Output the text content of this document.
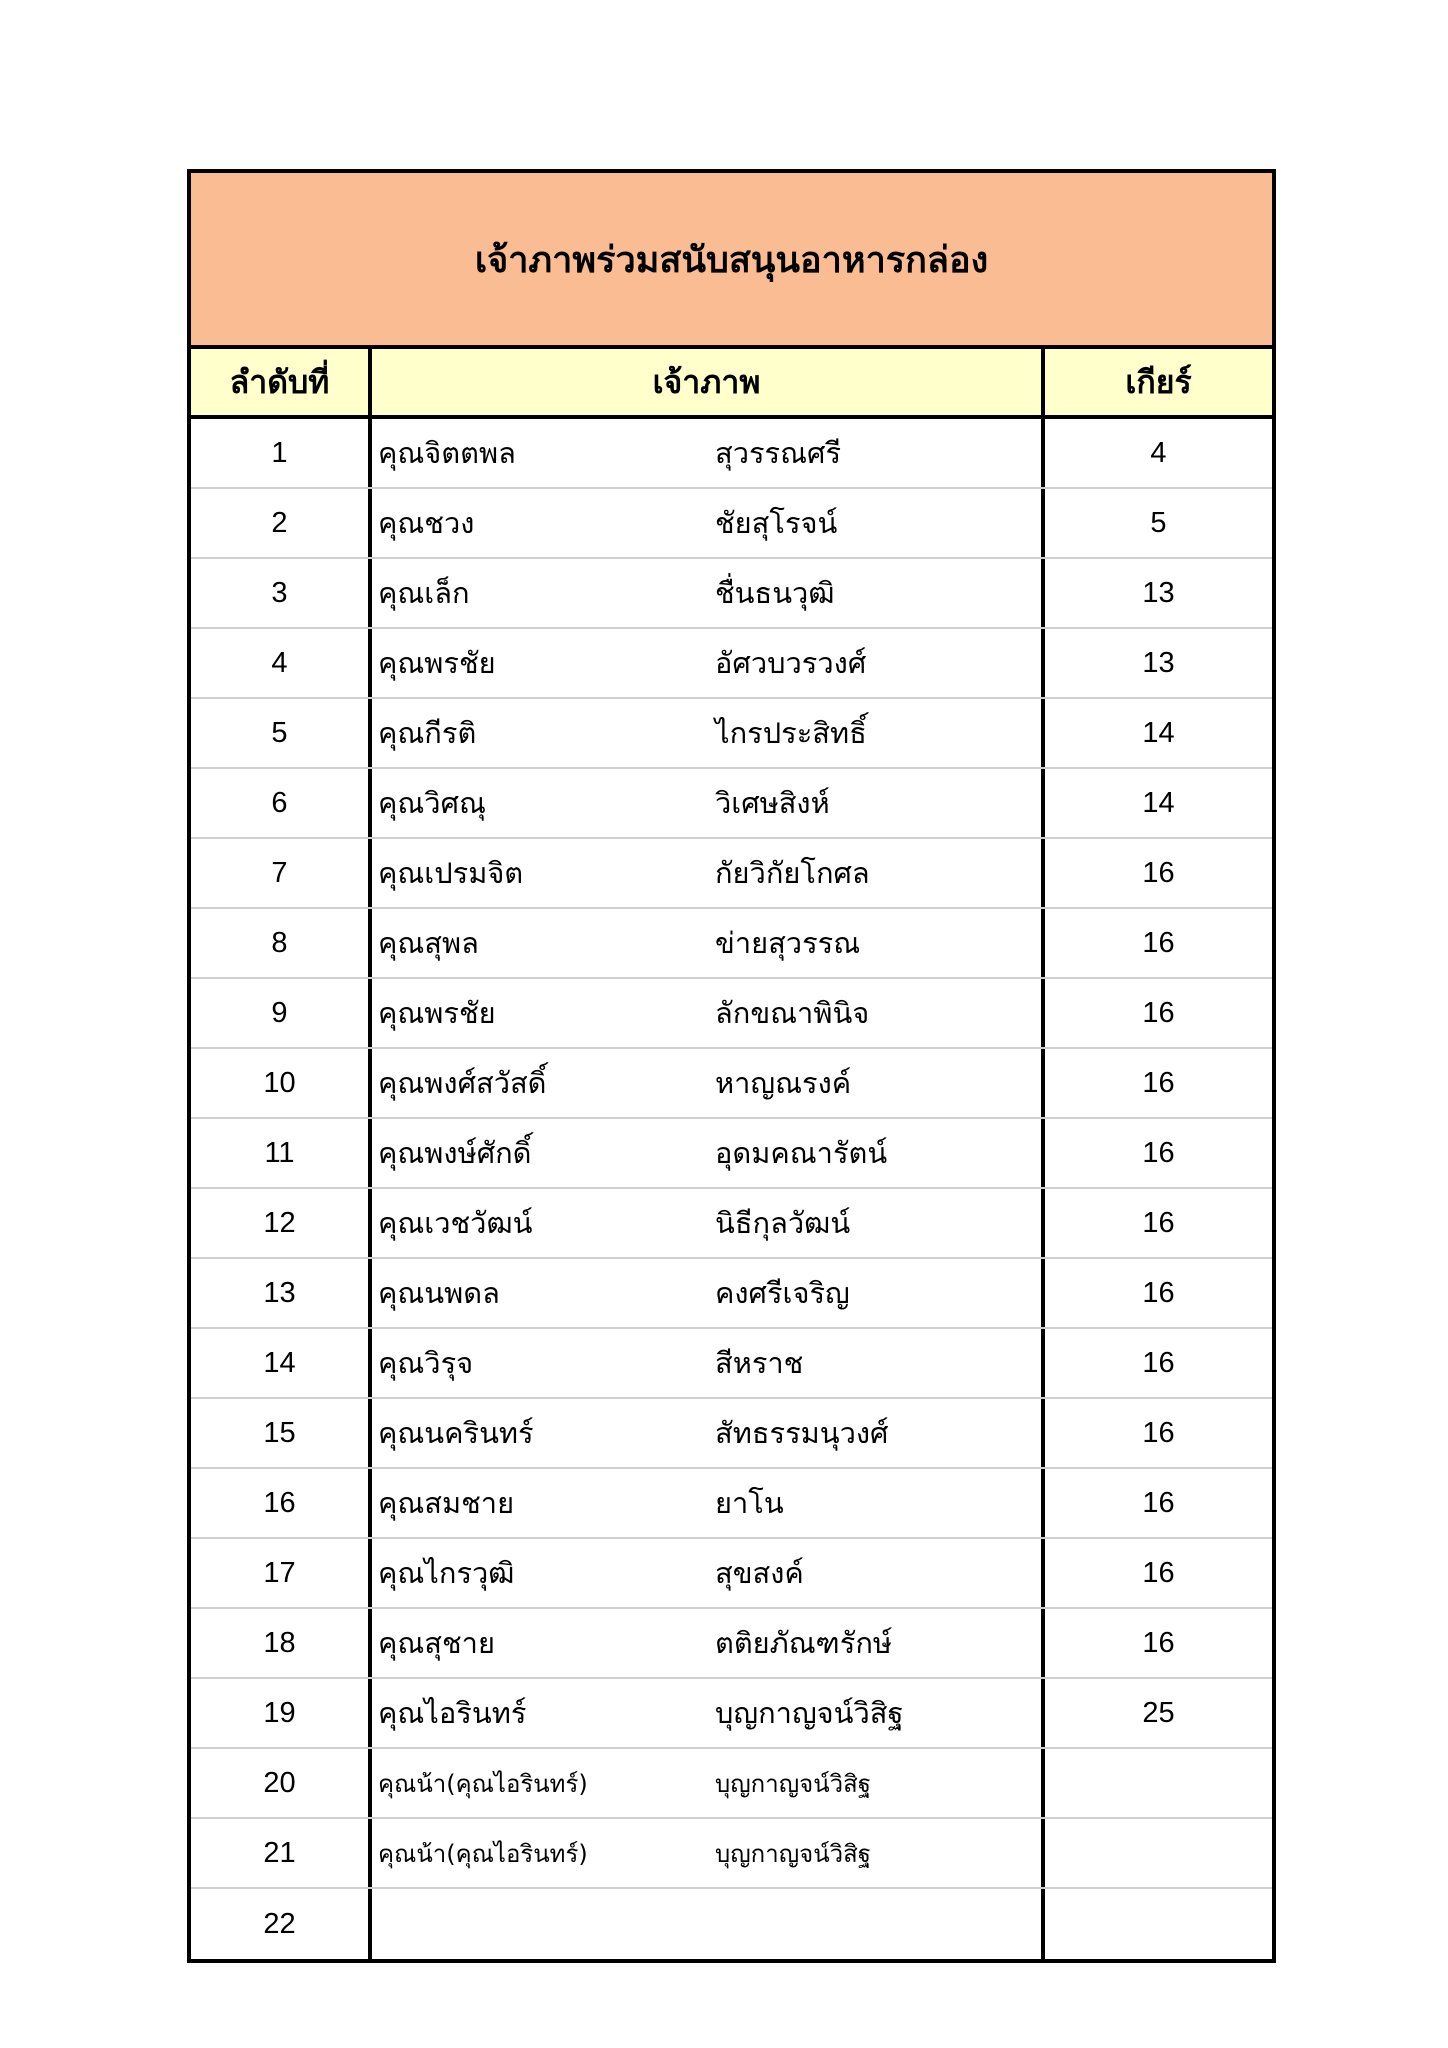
เจ้าภาพร่วมสนับสนุนอาหารกล่อง
ลำดับที่	เจ้าภาพ	เกียร์
1	คุณจิตตพล	สุวรรณศรี	4
2	คุณชวง	ชัยสุโรจน์	5
3	คุณเล็ก	ชื่นธนวุฒิ	13
4	คุณพรชัย	อัศวบวรวงศ์	13
5	คุณกีรติ	ไกรประสิทธิ์	14
6	คุณวิศณุ	วิเศษสิงห์	14
7	คุณเปรมจิต	กัยวิกัยโกศล	16
8	คุณสุพล	ข่ายสุวรรณ	16
9	คุณพรชัย	ลักขณาพินิจ	16
10	คุณพงศ์สวัสดิ์	หาญณรงค์	16
11	คุณพงษ์ศักดิ์	อุดมคณารัตน์	16
12	คุณเวชวัฒน์	นิธีกุลวัฒน์	16
13	คุณนพดล	คงศรีเจริญ	16
14	คุณวิรุจ	สีหราช	16
15	คุณนครินทร์	สัทธรรมนุวงศ์	16
16	คุณสมชาย	ยาโน	16
17	คุณไกรวุฒิ	สุขสงค์	16
18	คุณสุชาย	ตติยภัณฑรักษ์	16
19	คุณไอรินทร์	บุญกาญจน์วิสิฐ	25
20	คุณน้า(คุณไอรินทร์)	บุญกาญจน์วิสิฐ
21	คุณน้า(คุณไอรินทร์)	บุญกาญจน์วิสิฐ
22
